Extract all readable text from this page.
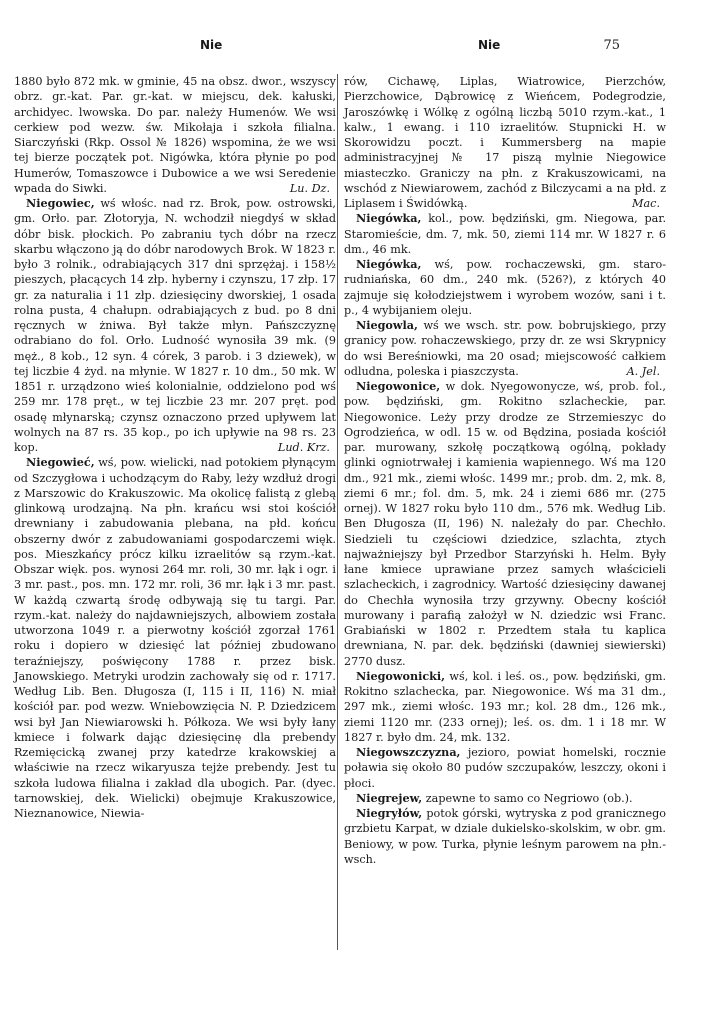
Nie	Nie	75

1880 było 872 mk. w gminie, 45 na obsz. dwor., wszyscy obrz. gr.-kat. Par. gr.-kat. w miejscu, dek. kałuski, archidyec. lwowska. Do par. należy Humenów. We wsi cerkiew pod wezw. św. Mikołaja i szkoła filialna. Siarczyński (Rkp. Ossol № 1826) wspomina, że we wsi tej bierze początek pot. Nigówka, która płynie po pod Humerów, Tomaszowce i Dubowice a we wsi Seredenie wpada do Siwki.	Lu. Dz.

Niegowiec, wś włośc. nad rz. Brok, pow. ostrowski, gm. Orło. par. Złotoryja, N. wchodził niegdyś w skład dóbr bisk. płockich. Po zabraniu tych dóbr na rzecz skarbu włączono ją do dóbr narodowych Brok. W 1823 r. było 3 rolnik., odrabiających 317 dni sprzężaj. i 158½ pieszych, płacących 14 złp. hyberny i czynszu, 17 złp. 17 gr. za naturalia i 11 złp. dziesięciny dworskiej, 1 osada rolna pusta, 4 chałupn. odrabiających z bud. po 8 dni ręcznych w żniwa. Był także młyn. Pańszczyznę odrabiano do fol. Orło. Ludność wynosiła 39 mk. (9 męż., 8 kob., 12 syn. 4 córek, 3 parob. i 3 dziewek), w tej liczbie 4 żyd. na młynie. W 1827 r. 10 dm., 50 mk. W 1851 r. urządzono wieś kolonialnie, oddzielono pod wś 259 mr. 178 pręt., w tej liczbie 23 mr. 207 pręt. pod osadę młynarską; czynsz oznaczono przed upływem lat wolnych na 87 rs. 35 kop., po ich upływie na 98 rs. 23 kop.	Lud. Krz.

Niegowieć, wś, pow. wielicki, nad potokiem płynącym od Szczygłowa i uchodzącym do Raby, leży wzdłuż drogi z Marszowic do Krakuszowic. Ma okolicę falistą z glebą glinkową urodzajną. Na płn. krańcu wsi stoi kościół drewniany i zabudowania plebana, na płd. końcu obszerny dwór z zabudowaniami gospodarczemi więk. pos. Mieszkańcy prócz kilku izraelitów są rzym.-kat. Obszar więk. pos. wynosi 264 mr. roli, 30 mr. łąk i ogr. i 3 mr. past., pos. mn. 172 mr. roli, 36 mr. łąk i 3 mr. past. W każdą czwartą środę odbywają się tu targi. Par. rzym.-kat. należy do najdawniejszych, albowiem została utworzona 1049 r. a pierwotny kościół zgorzał 1761 roku i dopiero w dziesięć lat później zbudowano teraźniejszy, poświęcony 1788 r. przez bisk. Janowskiego. Metryki urodzin zachowały się od r. 1717. Według Lib. Ben. Długosza (I, 115 i II, 116) N. miał kościół par. pod wezw. Wniebowzięcia N. P. Dziedzicem wsi był Jan Niewiarowski h. Półkoza. We wsi były łany kmiece i folwark dając dziesięcinę dla prebendy Rzemięcicką zwanej przy katedrze krakowskiej a właściwie na rzecz wikaryusza tejże prebendy. Jest tu szkoła ludowa filialna i zakład dla ubogich. Par. (dyec. tarnowskiej, dek. Wielicki) obejmuje Krakuszowice, Nieznanowice, Niewia-

rów, Cichawę, Liplas, Wiatrowice, Pierzchów, Pierzchowice, Dąbrowicę z Wieńcem, Podegrodzie, Jaroszówkę i Wólkę z ogólną liczbą 5010 rzym.-kat., 1 kalw., 1 ewang. i 110 izraelitów. Stupnicki H. w Skorowidzu poczt. i Kummersberg na mapie administracyjnej № 17 piszą mylnie Niegowice miasteczko. Graniczy na płn. z Krakuszowicami, na wschód z Niewiarowem, zachód z Bilczycami a na płd. z Liplasem i Świdówką.	Mac.

Niegówka, kol., pow. będziński, gm. Niegowa, par. Staromieście, dm. 7, mk. 50, ziemi 114 mr. W 1827 r. 6 dm., 46 mk.

Niegówka, wś, pow. rochaczewski, gm. staro-rudniańska, 60 dm., 240 mk. (526?), z których 40 zajmuje się kołodziejstwem i wyrobem wozów, sani i t. p., 4 wybijaniem oleju.

Niegowla, wś we wsch. str. pow. bobrujskiego, przy granicy pow. rohaczewskiego, przy dr. ze wsi Skrypnicy do wsi Bereśniowki, ma 20 osad; miejscowość całkiem odludna, poleska i piaszczysta.	A. Jel.

Niegowonice, w dok. Nyegowonycze, wś, prob. fol., pow. będziński, gm. Rokitno szlacheckie, par. Niegowonice. Leży przy drodze ze Strzemieszyc do Ogrodzieńca, w odl. 15 w. od Będzina, posiada kościół par. murowany, szkołę początkową ogólną, pokłady glinki ogniotrwałej i kamienia wapiennego. Wś ma 120 dm., 921 mk., ziemi włośc. 1499 mr.; prob. dm. 2, mk. 8, ziemi 6 mr.; fol. dm. 5, mk. 24 i ziemi 686 mr. (275 ornej). W 1827 roku było 110 dm., 576 mk. Według Lib. Ben Długosza (II, 196) N. należały do par. Chechło. Siedzieli tu częściowi dziedzice, szlachta, ztych najważniejszy był Przedbor Starzyński h. Helm. Były łane kmiece uprawiane przez samych właścicieli szlacheckich, i zagrodnicy. Wartość dziesięciny dawanej do Chechła wynosiła trzy grzywny. Obecny kościół murowany i parafią założył w N. dziedzic wsi Franc. Grabiański w 1802 r. Przedtem stała tu kaplica drewniana, N. par. dek. będziński (dawniej siewierski) 2770 dusz.

Niegowonicki, wś, kol. i leś. os., pow. będziński, gm. Rokitno szlachecka, par. Niegowonice. Wś ma 31 dm., 297 mk., ziemi włośc. 193 mr.; kol. 28 dm., 126 mk., ziemi 1120 mr. (233 ornej); leś. os. dm. 1 i 18 mr. W 1827 r. było dm. 24, mk. 132.

Niegowszczyzna, jezioro, powiat homelski, rocznie poławia się około 80 pudów szczupaków, leszczy, okoni i płoci.

Niegrejew, zapewne to samo co Negriowo (ob.).

Niegryłów, potok górski, wytryska z pod granicznego grzbietu Karpat, w dziale dukielsko-skolskim, w obr. gm. Beniowy, w pow. Turka, płynie leśnym parowem na płn.-wsch.
